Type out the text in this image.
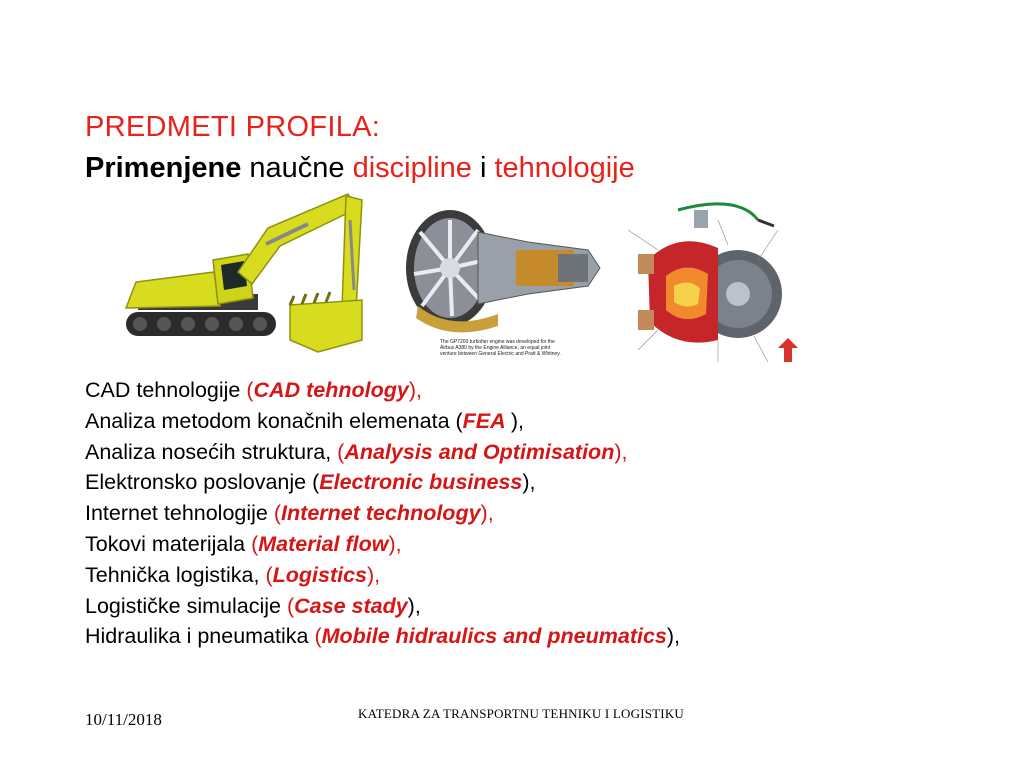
PREDMETI PROFILA:
Primenjene naučne discipline i tehnologije
The GP7200 turbofan engine was developed for the
Airbus A380 by the Engine Alliance, an equal joint
venture between General Electric and Pratt & Whitney.
CAD tehnologije (CAD tehnology),
Analiza metodom konačnih elemenata (FEA ),
Analiza nosećih struktura, (Analysis and Optimisation),
Elektronsko poslovanje (Electronic business),
Internet tehnologije (Internet technology),
Tokovi materijala (Material flow),
Tehnička logistika, (Logistics),
Logističke simulacije (Case stady),
Hidraulika i pneumatika (Mobile hidraulics and pneumatics),
10/11/2018	KATEDRA ZA TRANSPORTNU TEHNIKU I LOGISTIKU
